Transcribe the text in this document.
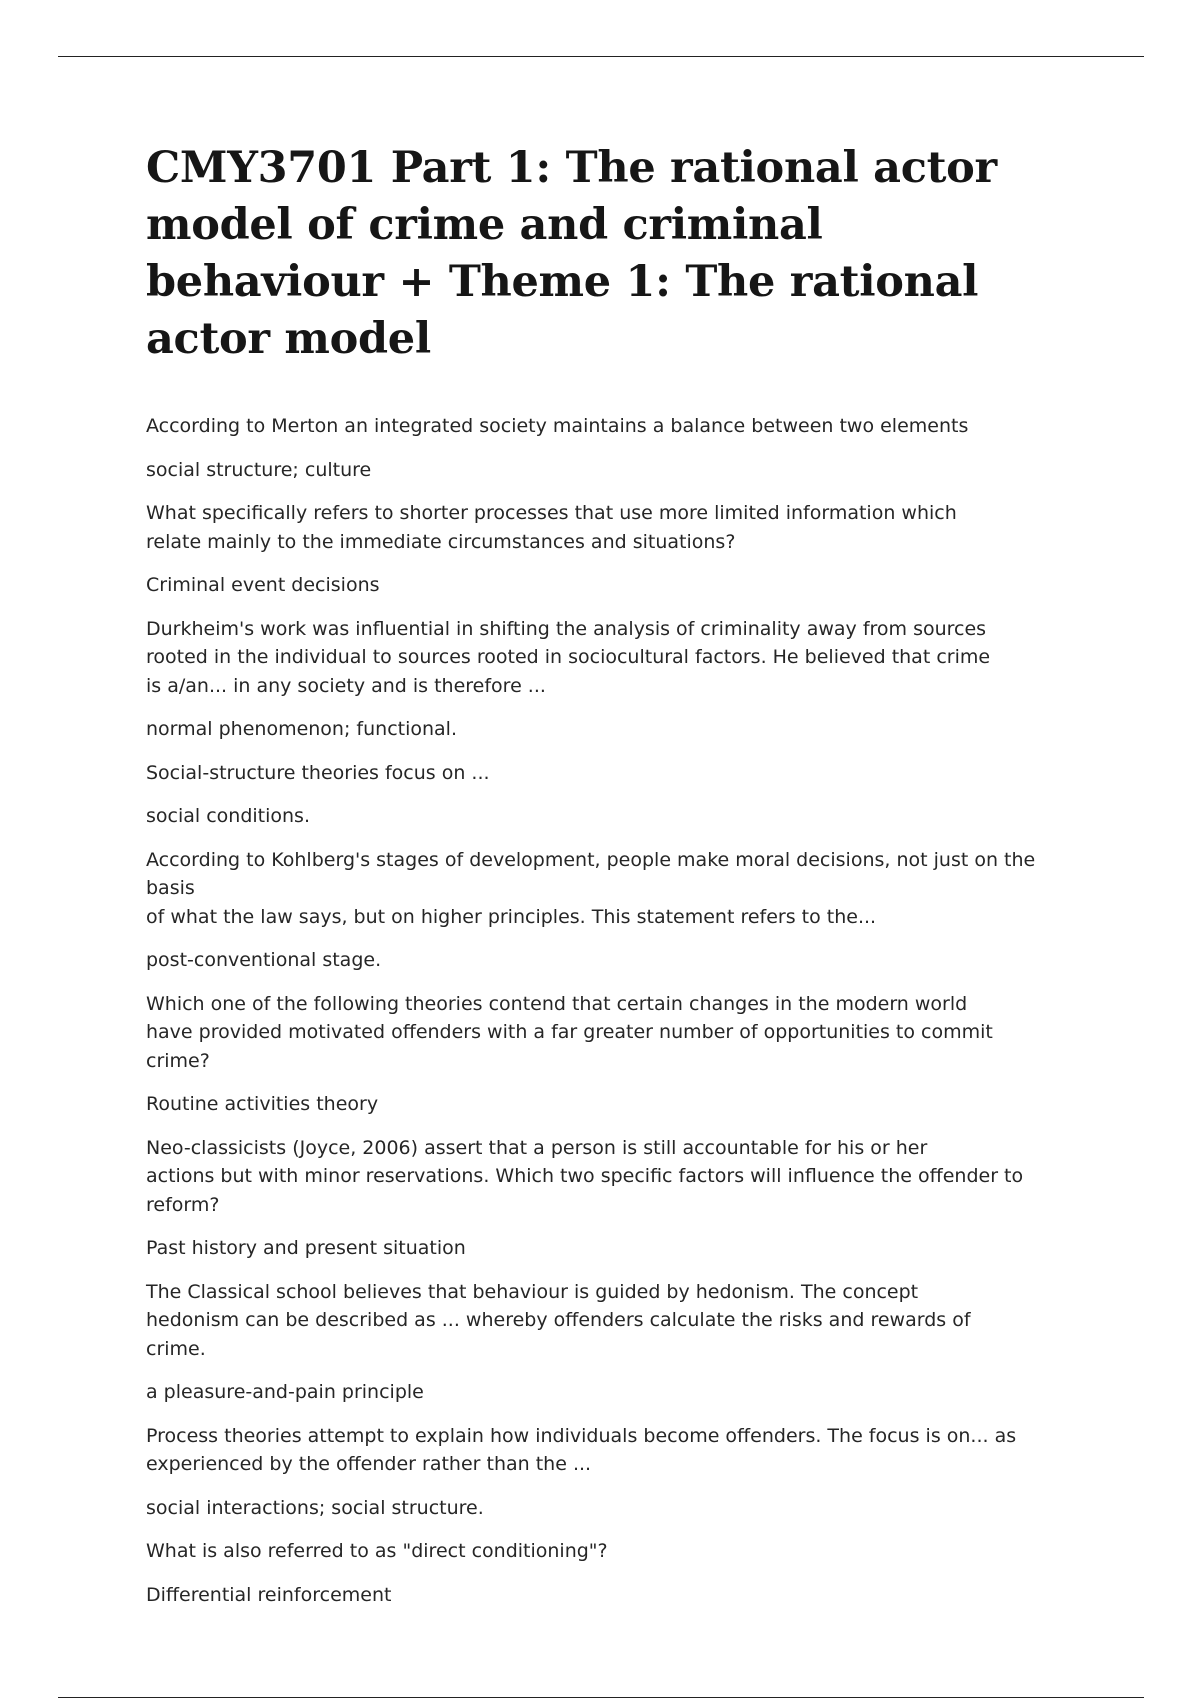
CMY3701 Part 1: The rational actor model of crime and criminal behaviour + Theme 1: The rational actor model

According to Merton an integrated society maintains a balance between two elements

social structure; culture

What specifically refers to shorter processes that use more limited information which
relate mainly to the immediate circumstances and situations?

Criminal event decisions

Durkheim's work was influential in shifting the analysis of criminality away from sources
rooted in the individual to sources rooted in sociocultural factors. He believed that crime
is a/an... in any society and is therefore ...

normal phenomenon; functional.

Social-structure theories focus on ...

social conditions.

According to Kohlberg's stages of development, people make moral decisions, not just on the basis
of what the law says, but on higher principles. This statement refers to the...

post-conventional stage.

Which one of the following theories contend that certain changes in the modern world
have provided motivated offenders with a far greater number of opportunities to commit crime?

Routine activities theory

Neo-classicists (Joyce, 2006) assert that a person is still accountable for his or her
actions but with minor reservations. Which two specific factors will influence the offender to
reform?

Past history and present situation

The Classical school believes that behaviour is guided by hedonism. The concept
hedonism can be described as ... whereby offenders calculate the risks and rewards of
crime.

a pleasure-and-pain principle

Process theories attempt to explain how individuals become offenders. The focus is on... as
experienced by the offender rather than the ...

social interactions; social structure.

What is also referred to as "direct conditioning"?

Differential reinforcement
